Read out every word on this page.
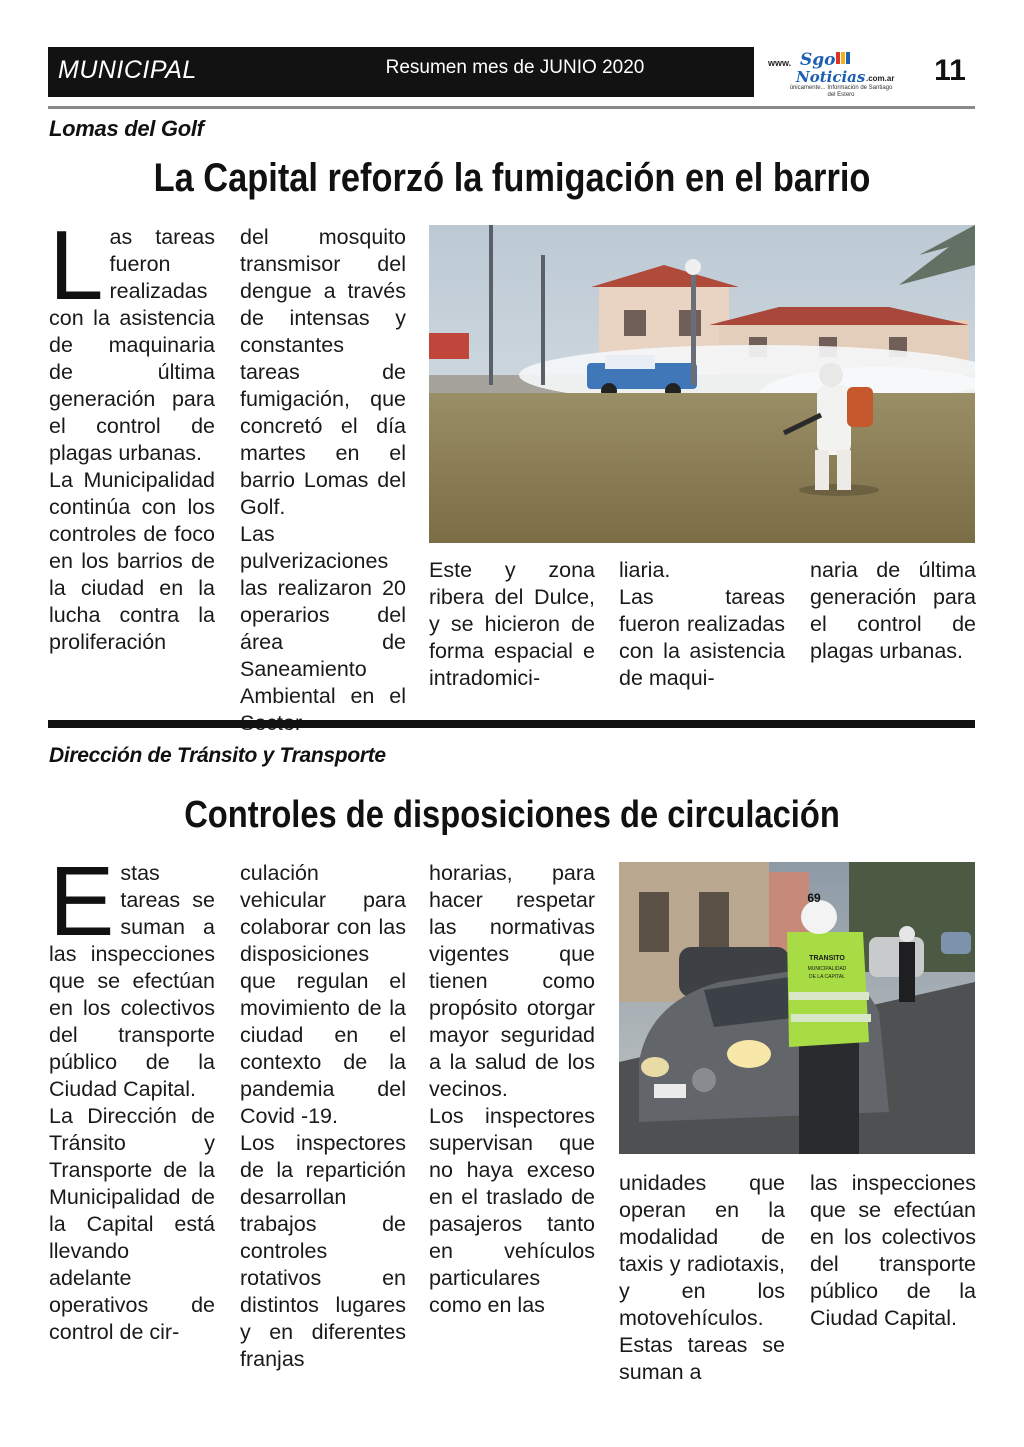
MUNICIPAL	Resumen mes de JUNIO 2020	www. Sgo
Noticias .com.ar
únicamente... Información de Santiago del Estero
11
Lomas del Golf
La Capital reforzó la fumigación en el barrio
L as tareas fueron realizadas con la asistencia de maquinaria de última generación para el control de plagas urbanas.

La Municipalidad continúa con los controles de foco en los barrios de la ciudad en la lucha contra la proliferación

del mosquito transmisor del dengue a través de intensas y constantes tareas de fumigación, que concretó el día martes en el barrio Lomas del Golf.

Las pulverizaciones las realizaron 20 operarios del área de Saneamiento Ambiental en el

Este y zona ribera del Dulce, y se hicieron de forma espacial e intradomici-

liaria.

Las tareas fueron realizadas con la asistencia de maqui-

naria de última generación para el control de plagas urbanas.

Dirección de Tránsito y Transporte
Controles de disposiciones de circulación
E stas tareas se suman a las inspecciones que se efectúan en los colectivos del transporte público de la Ciudad Capital.

La Dirección de Tránsito y Transporte de la Municipalidad de la Capital está llevando adelante operativos de control de cir-

culación vehicular para colaborar con las disposiciones que regulan el movimiento de la ciudad en el contexto de la pandemia del Covid -19.

Los inspectores de la repartición desarrollan trabajos de controles rotativos en distintos lugares y en diferentes franjas

horarias, para hacer respetar las normativas vigentes que tienen como propósito otorgar mayor seguridad a la salud de los vecinos.

Los inspectores supervisan que no haya exceso en el traslado de pasajeros tanto en vehículos particulares como en las

TRANSITO
MUNICIPALIDAD
DE LA CAPITAL
69

unidades que operan en la modalidad de taxis y radiotaxis, y en los motovehículos. Estas tareas se suman a

las inspecciones que se efectúan en los colectivos del transporte público de la Ciudad Capital.
